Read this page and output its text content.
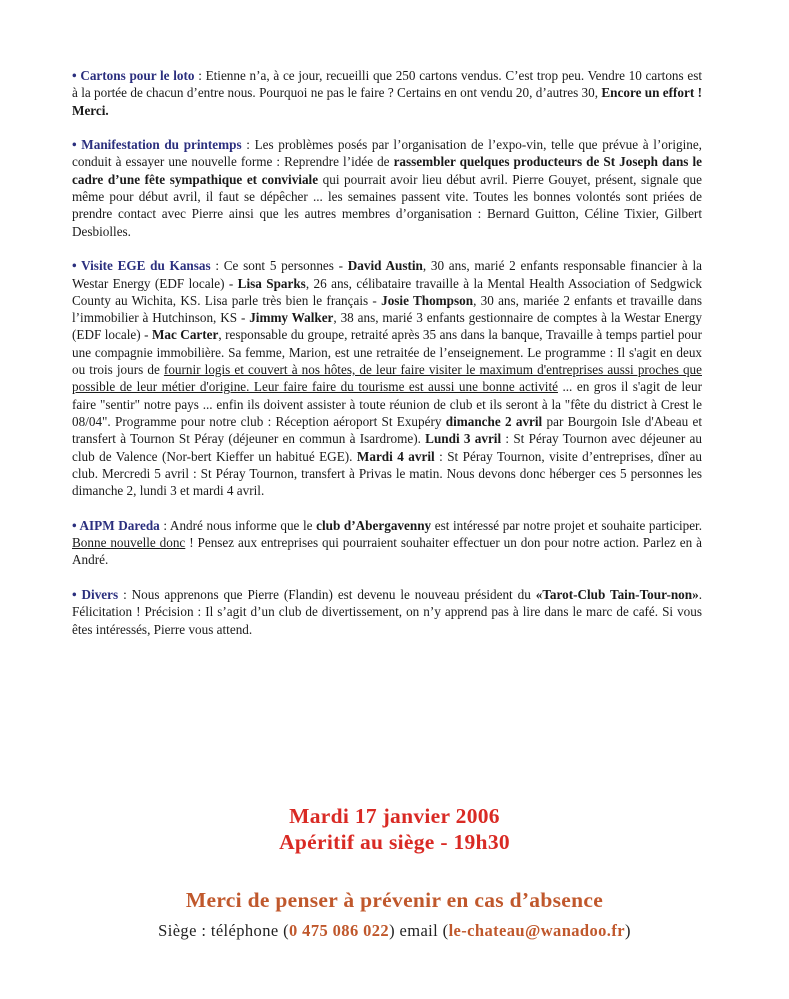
• Cartons pour le loto : Etienne n’a, à ce jour, recueilli que 250 cartons vendus. C’est trop peu. Vendre 10 cartons est à la portée de chacun d’entre nous. Pourquoi ne pas le faire ? Certains en ont vendu 20, d’autres 30, Encore un effort ! Merci.

• Manifestation du printemps : Les problèmes posés par l’organisation de l’expo-vin, telle que prévue à l’origine, conduit à essayer une nouvelle forme : Reprendre l’idée de rassembler quelques producteurs de St Joseph dans le cadre d’une fête sympathique et conviviale qui pourrait avoir lieu début avril. Pierre Gouyet, présent, signale que même pour début avril, il faut se dépêcher ... les semaines passent vite. Toutes les bonnes volontés sont priées de prendre contact avec Pierre ainsi que les autres membres d’organisation : Bernard Guitton, Céline Tixier, Gilbert Desbiolles.

• Visite EGE du Kansas : Ce sont 5 personnes - David Austin, 30 ans, marié 2 enfants responsable financier à la Westar Energy (EDF locale) - Lisa Sparks, 26 ans, célibataire travaille à la Mental Health Association of Sedgwick County au Wichita, KS. Lisa parle très bien le français - Josie Thompson, 30 ans, mariée 2 enfants et travaille dans l’immobilier à Hutchinson, KS - Jimmy Walker, 38 ans, marié 3 enfants gestionnaire de comptes à la Westar Energy (EDF locale) - Mac Carter, responsable du groupe, retraité après 35 ans dans la banque, Travaille à temps partiel pour une compagnie immobilière. Sa femme, Marion, est une retraitée de l’enseignement. Le programme : Il s'agit en deux ou trois jours de fournir logis et couvert à nos hôtes, de leur faire visiter le maximum d'entreprises aussi proches que possible de leur métier d'origine. Leur faire faire du tourisme est aussi une bonne activité ... en gros il s'agit de leur faire "sentir" notre pays ... enfin ils doivent assister à toute réunion de club et ils seront à la "fête du district à Crest le 08/04". Programme pour notre club : Réception aéroport St Exupéry dimanche 2 avril par Bourgoin Isle d'Abeau et transfert à Tournon St Péray (déjeuner en commun à Isardrome). Lundi 3 avril : St Péray Tournon avec déjeuner au club de Valence (Nor-bert Kieffer un habitué EGE). Mardi 4 avril : St Péray Tournon, visite d’entreprises, dîner au club. Mercredi 5 avril : St Péray Tournon, transfert à Privas le matin. Nous devons donc héberger ces 5 personnes les dimanche 2, lundi 3 et mardi 4 avril.

• AIPM Dareda : André nous informe que le club d’Abergavenny est intéressé par notre projet et souhaite participer. Bonne nouvelle donc ! Pensez aux entreprises qui pourraient souhaiter effectuer un don pour notre action. Parlez en à André.

• Divers : Nous apprenons que Pierre (Flandin) est devenu le nouveau président du «Tarot-Club Tain-Tour-non». Félicitation ! Précision : Il s’agit d’un club de divertissement, on n’y apprend pas à lire dans le marc de café. Si vous êtes intéressés, Pierre vous attend.

Mardi 17 janvier 2006
Apéritif au siège - 19h30
Merci de penser à prévenir en cas d’absence
Siège : téléphone (0 475 086 022) email (le-chateau@wanadoo.fr)
